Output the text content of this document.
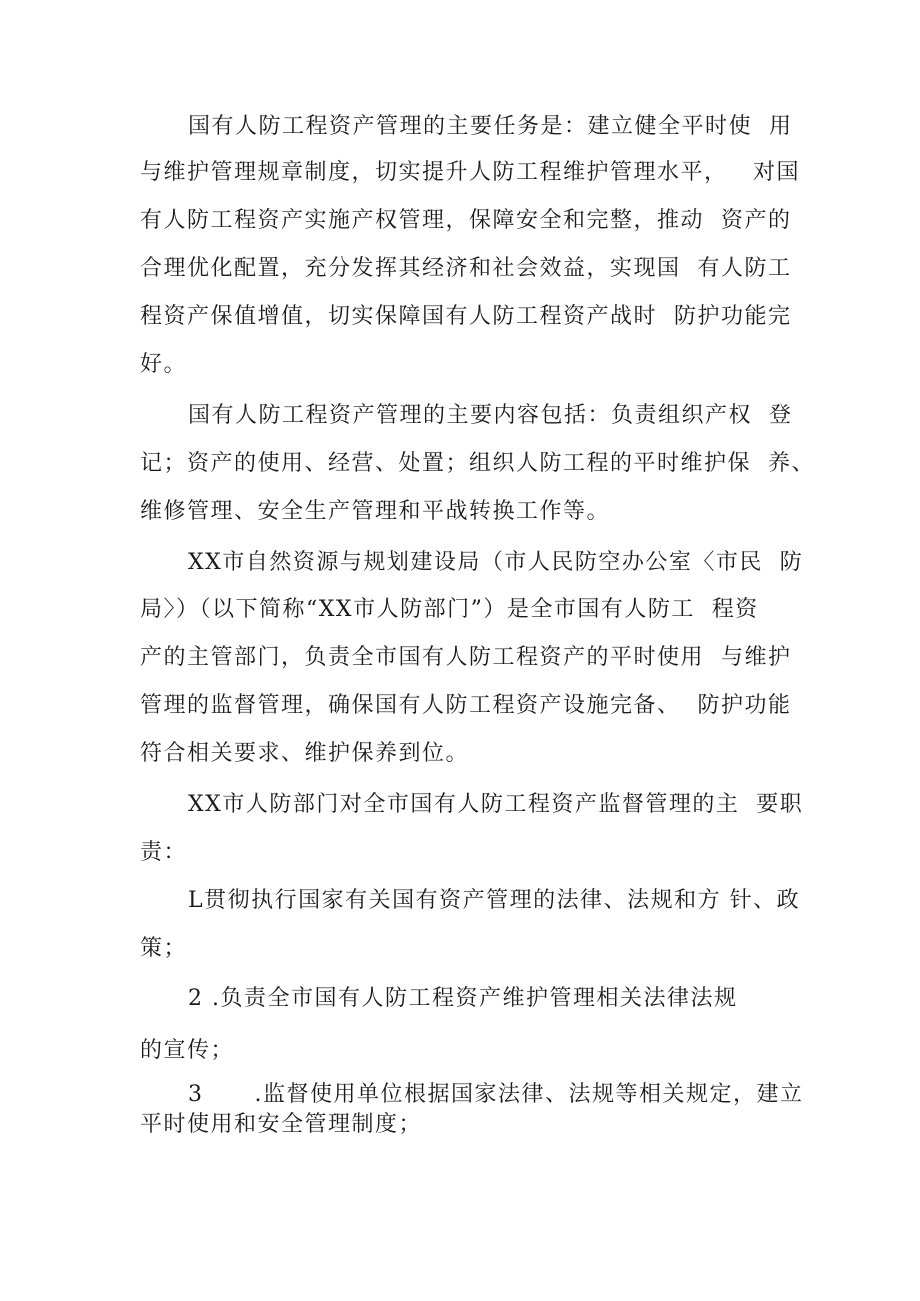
国有人防工程资产管理的主要任务是：建立健全平时使  用
与维护管理规章制度，切实提升人防工程维护管理水平，   对国
有人防工程资产实施产权管理，保障安全和完整，推动  资产的
合理优化配置，充分发挥其经济和社会效益，实现国  有人防工
程资产保值增值，切实保障国有人防工程资产战时  防护功能完
好。
国有人防工程资产管理的主要内容包括：负责组织产权  登
记；资产的使用、经营、处置；组织人防工程的平时维护保  养、
维修管理、安全生产管理和平战转换工作等。
XX市自然资源与规划建设局（市人民防空办公室〈市民  防
局〉）（以下简称“XX市人防部门”）是全市国有人防工  程资
产的主管部门，负责全市国有人防工程资产的平时使用  与维护
管理的监督管理，确保国有人防工程资产设施完备、  防护功能
符合相关要求、维护保养到位。
XX市人防部门对全市国有人防工程资产监督管理的主  要职
责：
L贯彻执行国家有关国有资产管理的法律、法规和方 针、政
策；
2 .负责全市国有人防工程资产维护管理相关法律法规
的宣传；
3      .监督使用单位根据国家法律、法规等相关规定，建立
平时使用和安全管理制度；
